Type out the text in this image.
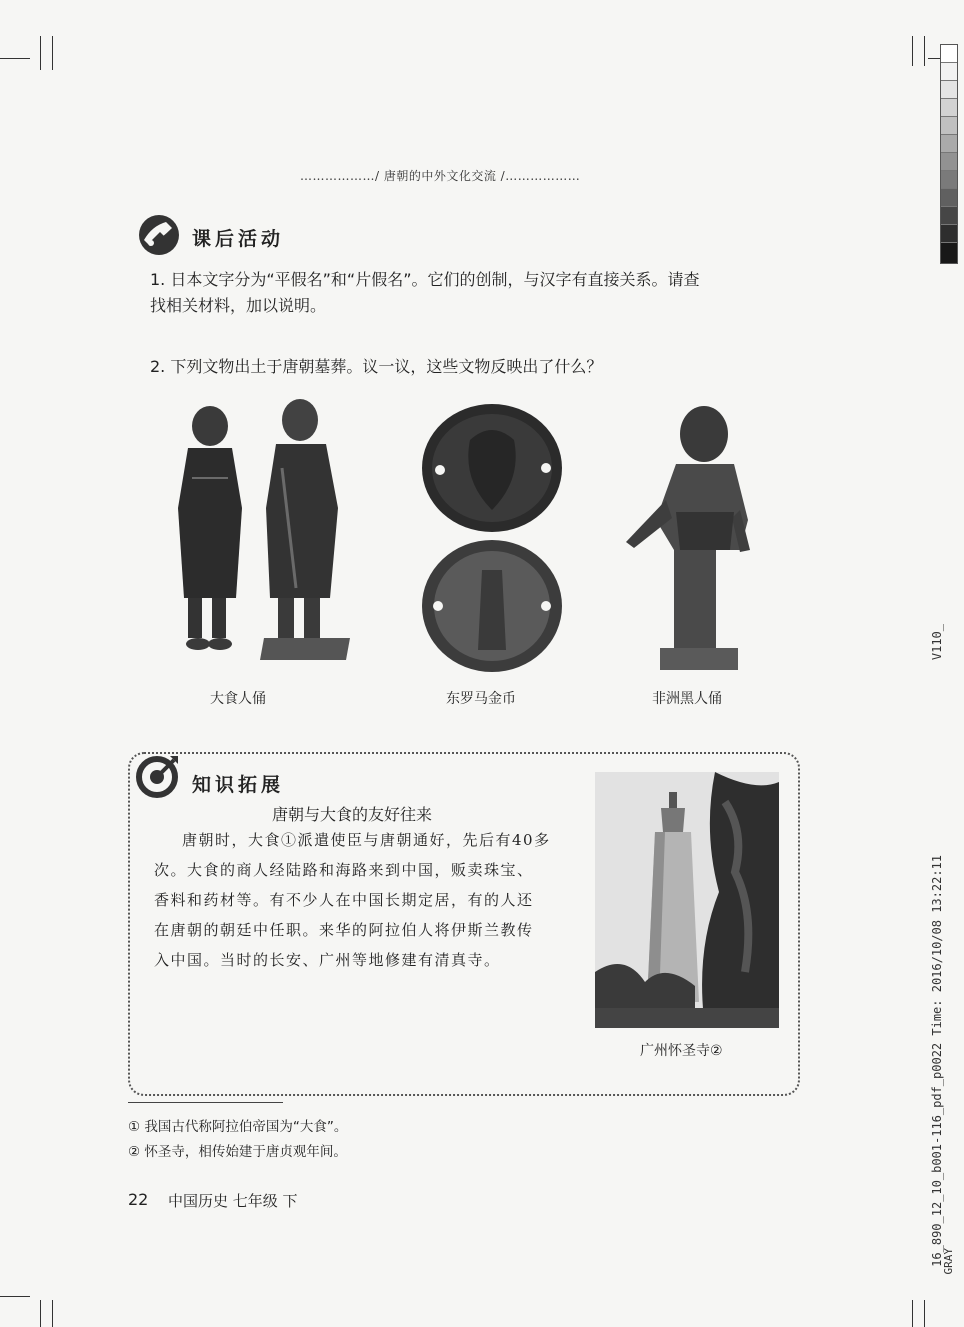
V110_
16_890_12_10_b001-116_pdf_p0022 Time: 2016/10/08 13:22:11
GRAY
………………/ 唐朝的中外文化交流 /………………
课后活动
1. 日本文字分为“平假名”和“片假名”。它们的创制，与汉字有直接关系。请查
找相关材料，加以说明。
2. 下列文物出土于唐朝墓葬。议一议，这些文物反映出了什么？
大食人俑	东罗马金币	非洲黑人俑
知识拓展
唐朝与大食的友好往来
唐朝时，大食①派遣使臣与唐朝通好，先后有40多
次。大食的商人经陆路和海路来到中国，贩卖珠宝、
香料和药材等。有不少人在中国长期定居，有的人还
在唐朝的朝廷中任职。来华的阿拉伯人将伊斯兰教传
入中国。当时的长安、广州等地修建有清真寺。
广州怀圣寺②
① 我国古代称阿拉伯帝国为“大食”。
② 怀圣寺，相传始建于唐贞观年间。
22 中国历史 七年级 下
